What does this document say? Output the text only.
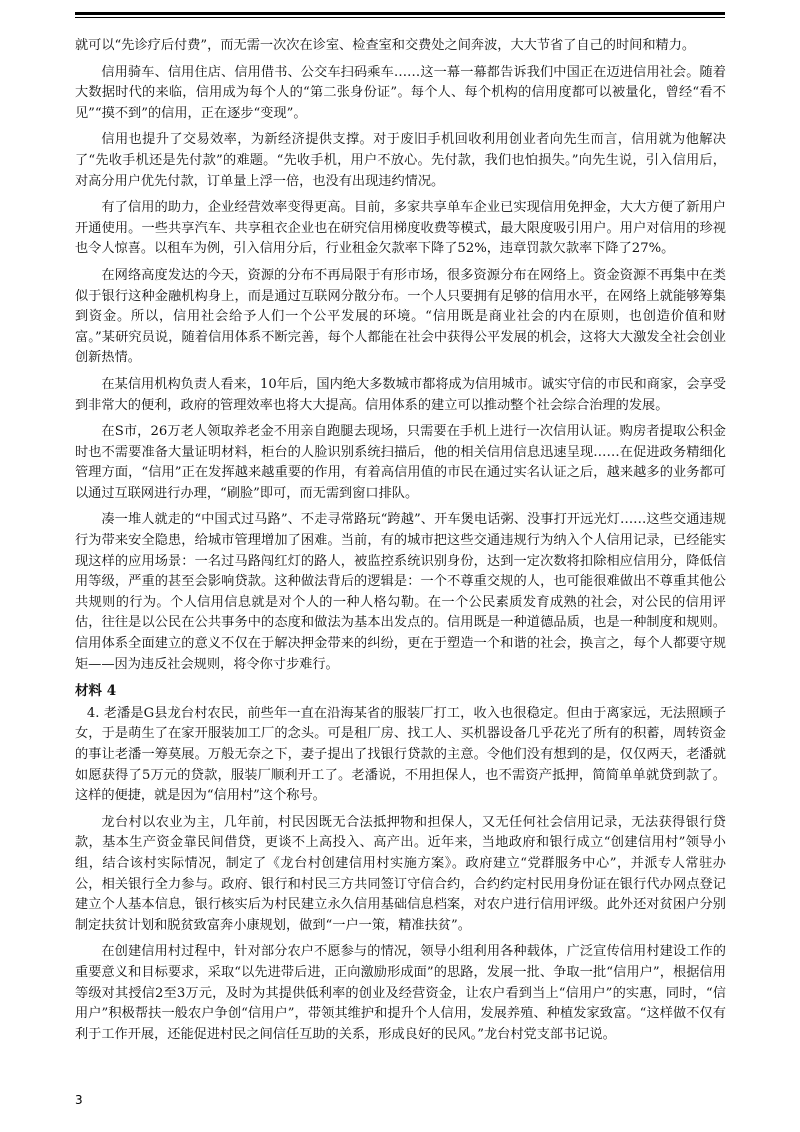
就可以“先诊疗后付费”，而无需一次次在诊室、检查室和交费处之间奔波，大大节省了自己的时间和精力。

信用骑车、信用住店、信用借书、公交车扫码乘车……这一幕一幕都告诉我们中国正在迈进信用社会。随着大数据时代的来临，信用成为每个人的“第二张身份证”。每个人、每个机构的信用度都可以被量化，曾经“看不见”“摸不到”的信用，正在逐步“变现”。

信用也提升了交易效率，为新经济提供支撑。对于废旧手机回收利用创业者向先生而言，信用就为他解决了“先收手机还是先付款”的难题。“先收手机，用户不放心。先付款，我们也怕损失。”向先生说，引入信用后，对高分用户优先付款，订单量上浮一倍，也没有出现违约情况。

有了信用的助力，企业经营效率变得更高。目前，多家共享单车企业已实现信用免押金，大大方便了新用户开通使用。一些共享汽车、共享租衣企业也在研究信用梯度收费等模式，最大限度吸引用户。用户对信用的珍视也令人惊喜。以租车为例，引入信用分后，行业租金欠款率下降了52%，违章罚款欠款率下降了27%。

在网络高度发达的今天，资源的分布不再局限于有形市场，很多资源分布在网络上。资金资源不再集中在类似于银行这种金融机构身上，而是通过互联网分散分布。一个人只要拥有足够的信用水平，在网络上就能够筹集到资金。所以，信用社会给予人们一个公平发展的环境。“信用既是商业社会的内在原则，也创造价值和财富。”某研究员说，随着信用体系不断完善，每个人都能在社会中获得公平发展的机会，这将大大激发全社会创业创新热情。

在某信用机构负责人看来，10年后，国内绝大多数城市都将成为信用城市。诚实守信的市民和商家，会享受到非常大的便利，政府的管理效率也将大大提高。信用体系的建立可以推动整个社会综合治理的发展。

在S市，26万老人领取养老金不用亲自跑腿去现场，只需要在手机上进行一次信用认证。购房者提取公积金时也不需要准备大量证明材料，柜台的人脸识别系统扫描后，他的相关信用信息迅速呈现……在促进政务精细化管理方面，“信用”正在发挥越来越重要的作用，有着高信用值的市民在通过实名认证之后，越来越多的业务都可以通过互联网进行办理，“刷脸”即可，而无需到窗口排队。

凑一堆人就走的“中国式过马路”、不走寻常路玩“跨越”、开车煲电话粥、没事打开远光灯……这些交通违规行为带来安全隐患，给城市管理增加了困难。当前，有的城市把这些交通违规行为纳入个人信用记录，已经能实现这样的应用场景：一名过马路闯红灯的路人，被监控系统识别身份，达到一定次数将扣除相应信用分，降低信用等级，严重的甚至会影响贷款。这种做法背后的逻辑是：一个不尊重交规的人，也可能很难做出不尊重其他公共规则的行为。个人信用信息就是对个人的一种人格勾勒。在一个公民素质发育成熟的社会，对公民的信用评估，往往是以公民在公共事务中的态度和做法为基本出发点的。信用既是一种道德品质，也是一种制度和规则。信用体系全面建立的意义不仅在于解决押金带来的纠纷，更在于塑造一个和谐的社会，换言之，每个人都要守规矩——因为违反社会规则，将令你寸步难行。

材料 4

4. 老潘是G县龙台村农民，前些年一直在沿海某省的服装厂打工，收入也很稳定。但由于离家远，无法照顾子女，于是萌生了在家开服装加工厂的念头。可是租厂房、找工人、买机器设备几乎花光了所有的积蓄，周转资金的事让老潘一筹莫展。万般无奈之下，妻子提出了找银行贷款的主意。令他们没有想到的是，仅仅两天，老潘就如愿获得了5万元的贷款，服装厂顺利开工了。老潘说，不用担保人，也不需资产抵押，简简单单就贷到款了。这样的便捷，就是因为“信用村”这个称号。

龙台村以农业为主，几年前，村民因既无合法抵押物和担保人，又无任何社会信用记录，无法获得银行贷款，基本生产资金靠民间借贷，更谈不上高投入、高产出。近年来，当地政府和银行成立“创建信用村”领导小组，结合该村实际情况，制定了《龙台村创建信用村实施方案》。政府建立“党群服务中心”，并派专人常驻办公，相关银行全力参与。政府、银行和村民三方共同签订守信合约，合约约定村民用身份证在银行代办网点登记建立个人基本信息，银行核实后为村民建立永久信用基础信息档案，对农户进行信用评级。此外还对贫困户分别制定扶贫计划和脱贫致富奔小康规划，做到“一户一策，精准扶贫”。

在创建信用村过程中，针对部分农户不愿参与的情况，领导小组利用各种载体，广泛宣传信用村建设工作的重要意义和目标要求，采取“以先进带后进，正向激励形成面”的思路，发展一批、争取一批“信用户”，根据信用等级对其授信2至3万元，及时为其提供低利率的创业及经营资金，让农户看到当上“信用户”的实惠，同时，“信用户”积极帮扶一般农户争创“信用户”，带领其维护和提升个人信用，发展养殖、种植发家致富。“这样做不仅有利于工作开展，还能促进村民之间信任互助的关系，形成良好的民风。”龙台村党支部书记说。

3
